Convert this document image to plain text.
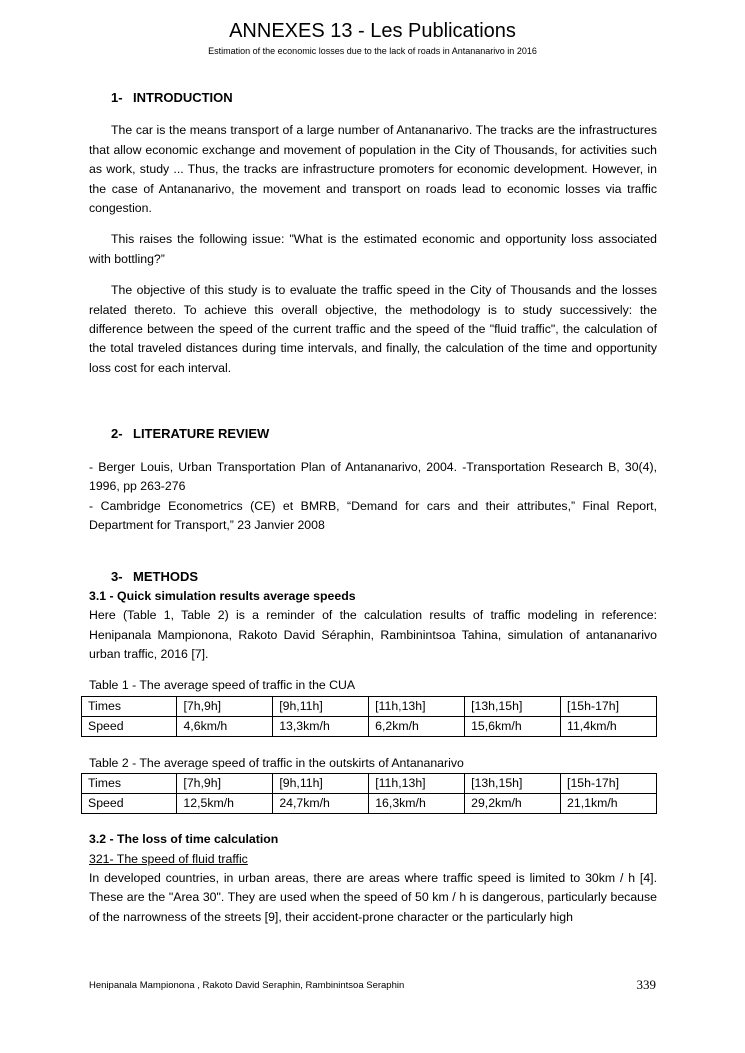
ANNEXES 13 - Les Publications
Estimation of the economic losses due to the lack of roads in Antananarivo in 2016
1- INTRODUCTION

The car is the means transport of a large number of Antananarivo. The tracks are the infrastructures that allow economic exchange and movement of population in the City of Thousands, for activities such as work, study ... Thus, the tracks are infrastructure promoters for economic development. However, in the case of Antananarivo, the movement and transport on roads lead to economic losses via traffic congestion.

This raises the following issue: "What is the estimated economic and opportunity loss associated with bottling?”

The objective of this study is to evaluate the traffic speed in the City of Thousands and the losses related thereto. To achieve this overall objective, the methodology is to study successively: the difference between the speed of the current traffic and the speed of the "fluid traffic", the calculation of the total traveled distances during time intervals, and finally, the calculation of the time and opportunity loss cost for each interval.

2- LITERATURE REVIEW

- Berger Louis, Urban Transportation Plan of Antananarivo, 2004. -Transportation Research B, 30(4), 1996, pp 263-276

- Cambridge Econometrics (CE) et BMRB, “Demand for cars and their attributes,” Final Report, Department for Transport,” 23 Janvier 2008

3- METHODS
3.1 - Quick simulation results average speeds

Here (Table 1, Table 2) is a reminder of the calculation results of traffic modeling in reference: Henipanala Mampionona, Rakoto David Séraphin, Rambinintsoa Tahina, simulation of antananarivo urban traffic, 2016 [7].

Table 1 - The average speed of traffic in the CUA
Times	[7h,9h]	[9h,11h]	[11h,13h]	[13h,15h]	[15h-17h]
Speed	4,6km/h	13,3km/h	6,2km/h	15,6km/h	11,4km/h
Table 2 - The average speed of traffic in the outskirts of Antananarivo
Times	[7h,9h]	[9h,11h]	[11h,13h]	[13h,15h]	[15h-17h]
Speed	12,5km/h	24,7km/h	16,3km/h	29,2km/h	21,1km/h
3.2 - The loss of time calculation
321- The speed of fluid traffic

In developed countries, in urban areas, there are areas where traffic speed is limited to 30km / h [4]. These are the "Area 30". They are used when the speed of 50 km / h is dangerous, particularly because of the narrowness of the streets [9], their accident-prone character or the particularly high

Henipanala Mampionona , Rakoto David Seraphin, Rambinintsoa Seraphin	339
